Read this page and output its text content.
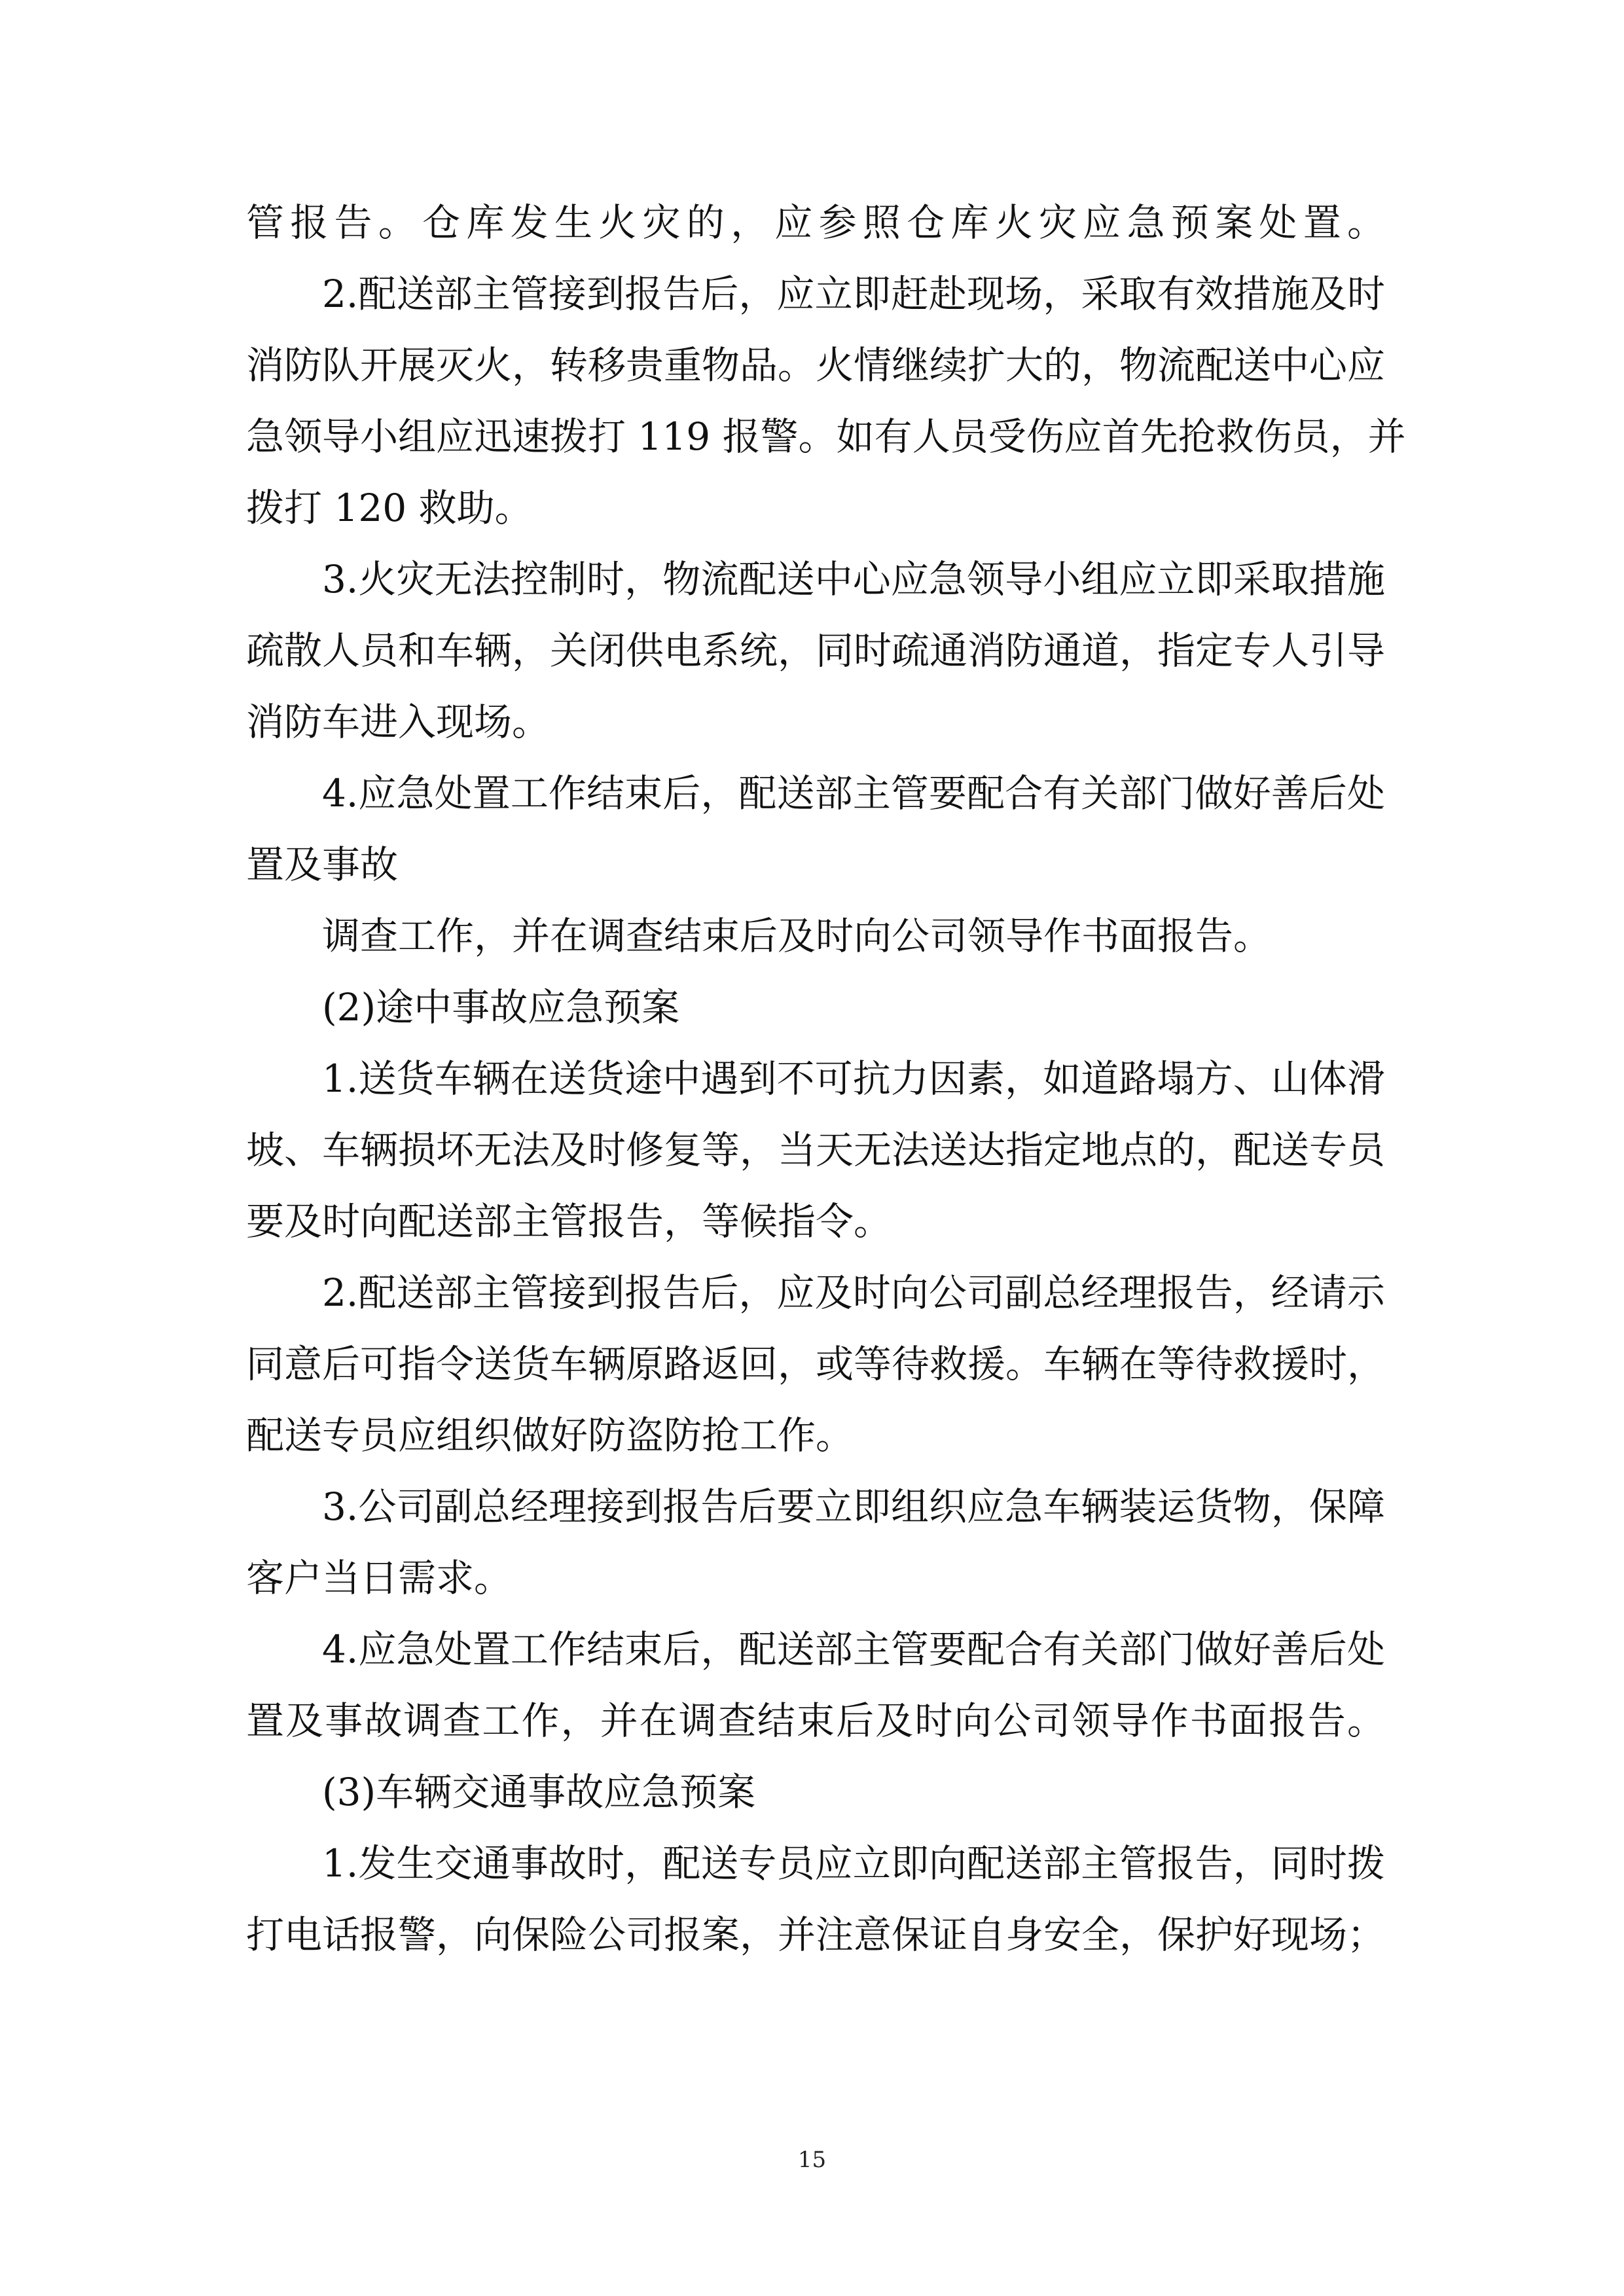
管报告。仓库发生火灾的，应参照仓库火灾应急预案处置。
2.配送部主管接到报告后，应立即赶赴现场，采取有效措施及时
消防队开展灭火，转移贵重物品。火情继续扩大的，物流配送中心应
急领导小组应迅速拨打 119 报警。如有人员受伤应首先抢救伤员，并
拨打 120 救助。
3.火灾无法控制时，物流配送中心应急领导小组应立即采取措施
疏散人员和车辆，关闭供电系统，同时疏通消防通道，指定专人引导
消防车进入现场。
4.应急处置工作结束后，配送部主管要配合有关部门做好善后处
置及事故
调查工作，并在调查结束后及时向公司领导作书面报告。
(2)途中事故应急预案
1.送货车辆在送货途中遇到不可抗力因素，如道路塌方、山体滑
坡、车辆损坏无法及时修复等，当天无法送达指定地点的，配送专员
要及时向配送部主管报告，等候指令。
2.配送部主管接到报告后，应及时向公司副总经理报告，经请示
同意后可指令送货车辆原路返回，或等待救援。车辆在等待救援时，
配送专员应组织做好防盗防抢工作。
3.公司副总经理接到报告后要立即组织应急车辆装运货物，保障
客户当日需求。
4.应急处置工作结束后，配送部主管要配合有关部门做好善后处
置及事故调查工作，并在调查结束后及时向公司领导作书面报告。
(3)车辆交通事故应急预案
1.发生交通事故时，配送专员应立即向配送部主管报告，同时拨
打电话报警，向保险公司报案，并注意保证自身安全，保护好现场；
15
